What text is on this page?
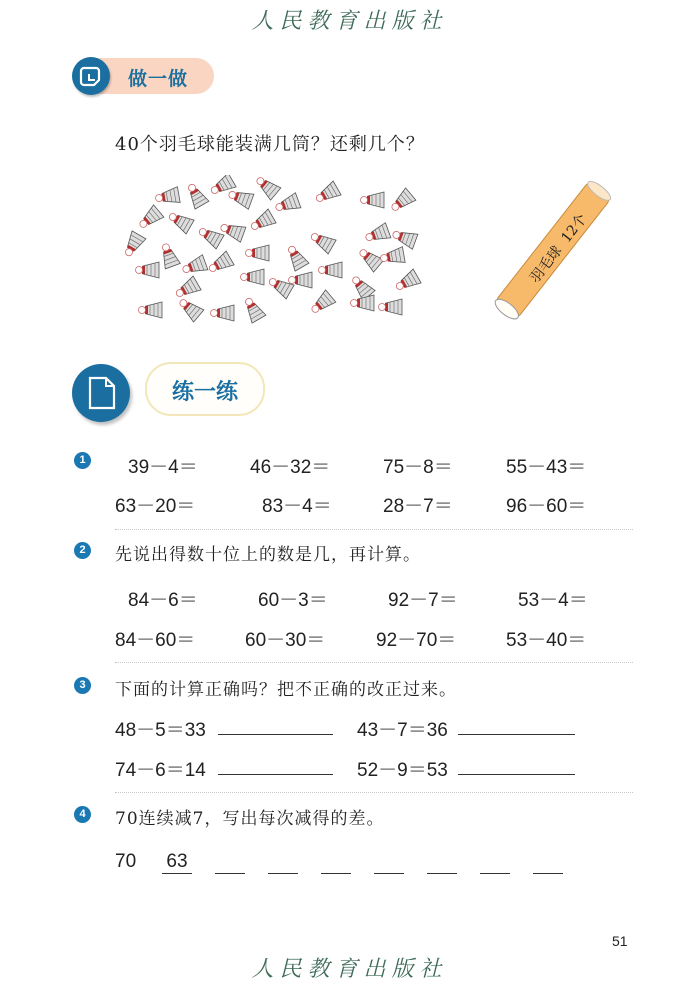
人民教育出版社
做一做
40个羽毛球能装满几筒？还剩几个？
羽毛球  12个
练一练
1 39－4＝	46－32＝	75－8＝	55－43＝
63－20＝	83－4＝	28－7＝	96－60＝
2	先说出得数十位上的数是几，再计算。
84－6＝	60－3＝	92－7＝	53－4＝
84－60＝	60－30＝	92－70＝	53－40＝
3	下面的计算正确吗？把不正确的改正过来。
48－5＝33	43－7＝36
74－6＝14	52－9＝53
4	70连续减7，写出每次减得的差。
70 63
51
人民教育出版社
